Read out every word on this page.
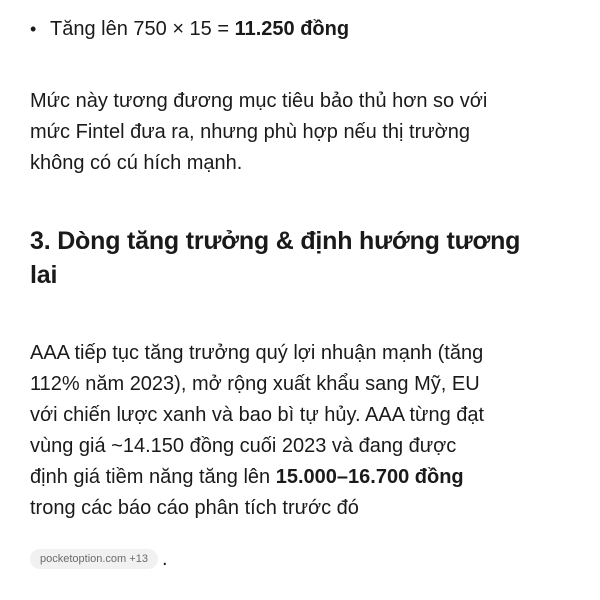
• Tăng lên 750 × 15 = 11.250 đồng

Mức này tương đương mục tiêu bảo thủ hơn so với
mức Fintel đưa ra, nhưng phù hợp nếu thị trường
không có cú hích mạnh.

3. Dòng tăng trưởng & định hướng tương
lai

AAA tiếp tục tăng trưởng quý lợi nhuận mạnh (tăng
112% năm 2023), mở rộng xuất khẩu sang Mỹ, EU
với chiến lược xanh và bao bì tự hủy. AAA từng đạt
vùng giá ~14.150 đồng cuối 2023 và đang được
định giá tiềm năng tăng lên 15.000–16.700 đồng
trong các báo cáo phân tích trước đó

pocketoption.com +13 .
